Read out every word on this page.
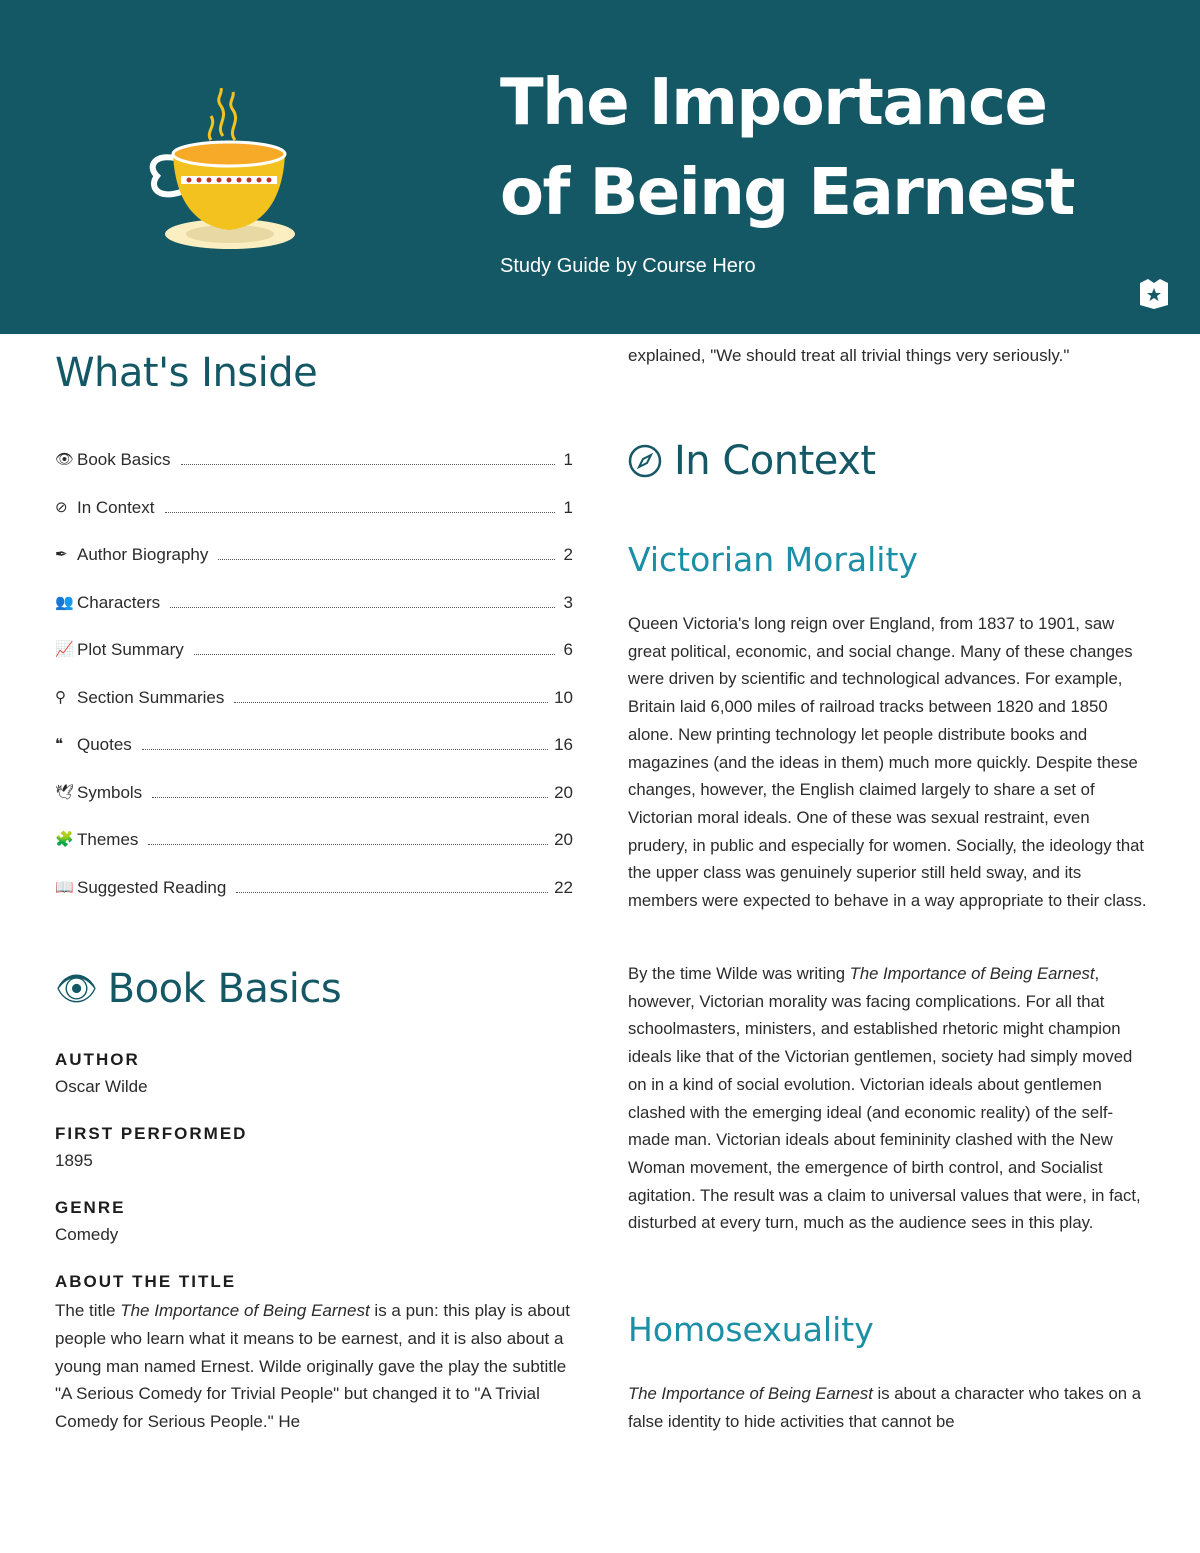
The Importance
of Being Earnest

Study Guide by Course Hero

What's Inside
👁 Book Basics	1
⊘ In Context	1
✒ Author Biography	2
👥 Characters	3
📈 Plot Summary	6
⚲ Section Summaries	10
❝ Quotes	16
🕊 Symbols	20
🧩 Themes	20
📖 Suggested Reading	22
👁 Book Basics

AUTHOR

Oscar Wilde

FIRST PERFORMED

1895

GENRE

Comedy

ABOUT THE TITLE

The title The Importance of Being Earnest is a pun: this play is about people who learn what it means to be earnest, and it is also about a young man named Ernest. Wilde originally gave the play the subtitle "A Serious Comedy for Trivial People" but changed it to "A Trivial Comedy for Serious People." He

explained, "We should treat all trivial things very seriously."

In Context
Victorian Morality

Queen Victoria's long reign over England, from 1837 to 1901, saw great political, economic, and social change. Many of these changes were driven by scientific and technological advances. For example, Britain laid 6,000 miles of railroad tracks between 1820 and 1850 alone. New printing technology let people distribute books and magazines (and the ideas in them) much more quickly. Despite these changes, however, the English claimed largely to share a set of Victorian moral ideals. One of these was sexual restraint, even prudery, in public and especially for women. Socially, the ideology that the upper class was genuinely superior still held sway, and its members were expected to behave in a way appropriate to their class.

By the time Wilde was writing The Importance of Being Earnest, however, Victorian morality was facing complications. For all that schoolmasters, ministers, and established rhetoric might champion ideals like that of the Victorian gentlemen, society had simply moved on in a kind of social evolution. Victorian ideals about gentlemen clashed with the emerging ideal (and economic reality) of the self-made man. Victorian ideals about femininity clashed with the New Woman movement, the emergence of birth control, and Socialist agitation. The result was a claim to universal values that were, in fact, disturbed at every turn, much as the audience sees in this play.

Homosexuality

The Importance of Being Earnest is about a character who takes on a false identity to hide activities that cannot be
